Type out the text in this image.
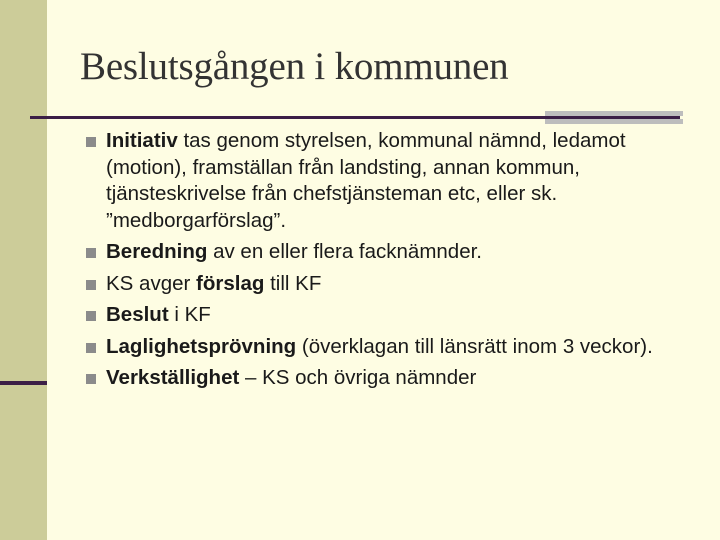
Beslutsgången i kommunen
Initiativ tas genom styrelsen, kommunal nämnd, ledamot (motion), framställan från landsting, annan kommun, tjänsteskrivelse från chefstjänsteman etc, eller sk. ”medborgarförslag”.
Beredning av en eller flera facknämnder.
KS avger förslag till KF
Beslut i KF
Laglighetsprövning (överklagan till länsrätt inom 3 veckor).
Verkställighet – KS och övriga nämnder
